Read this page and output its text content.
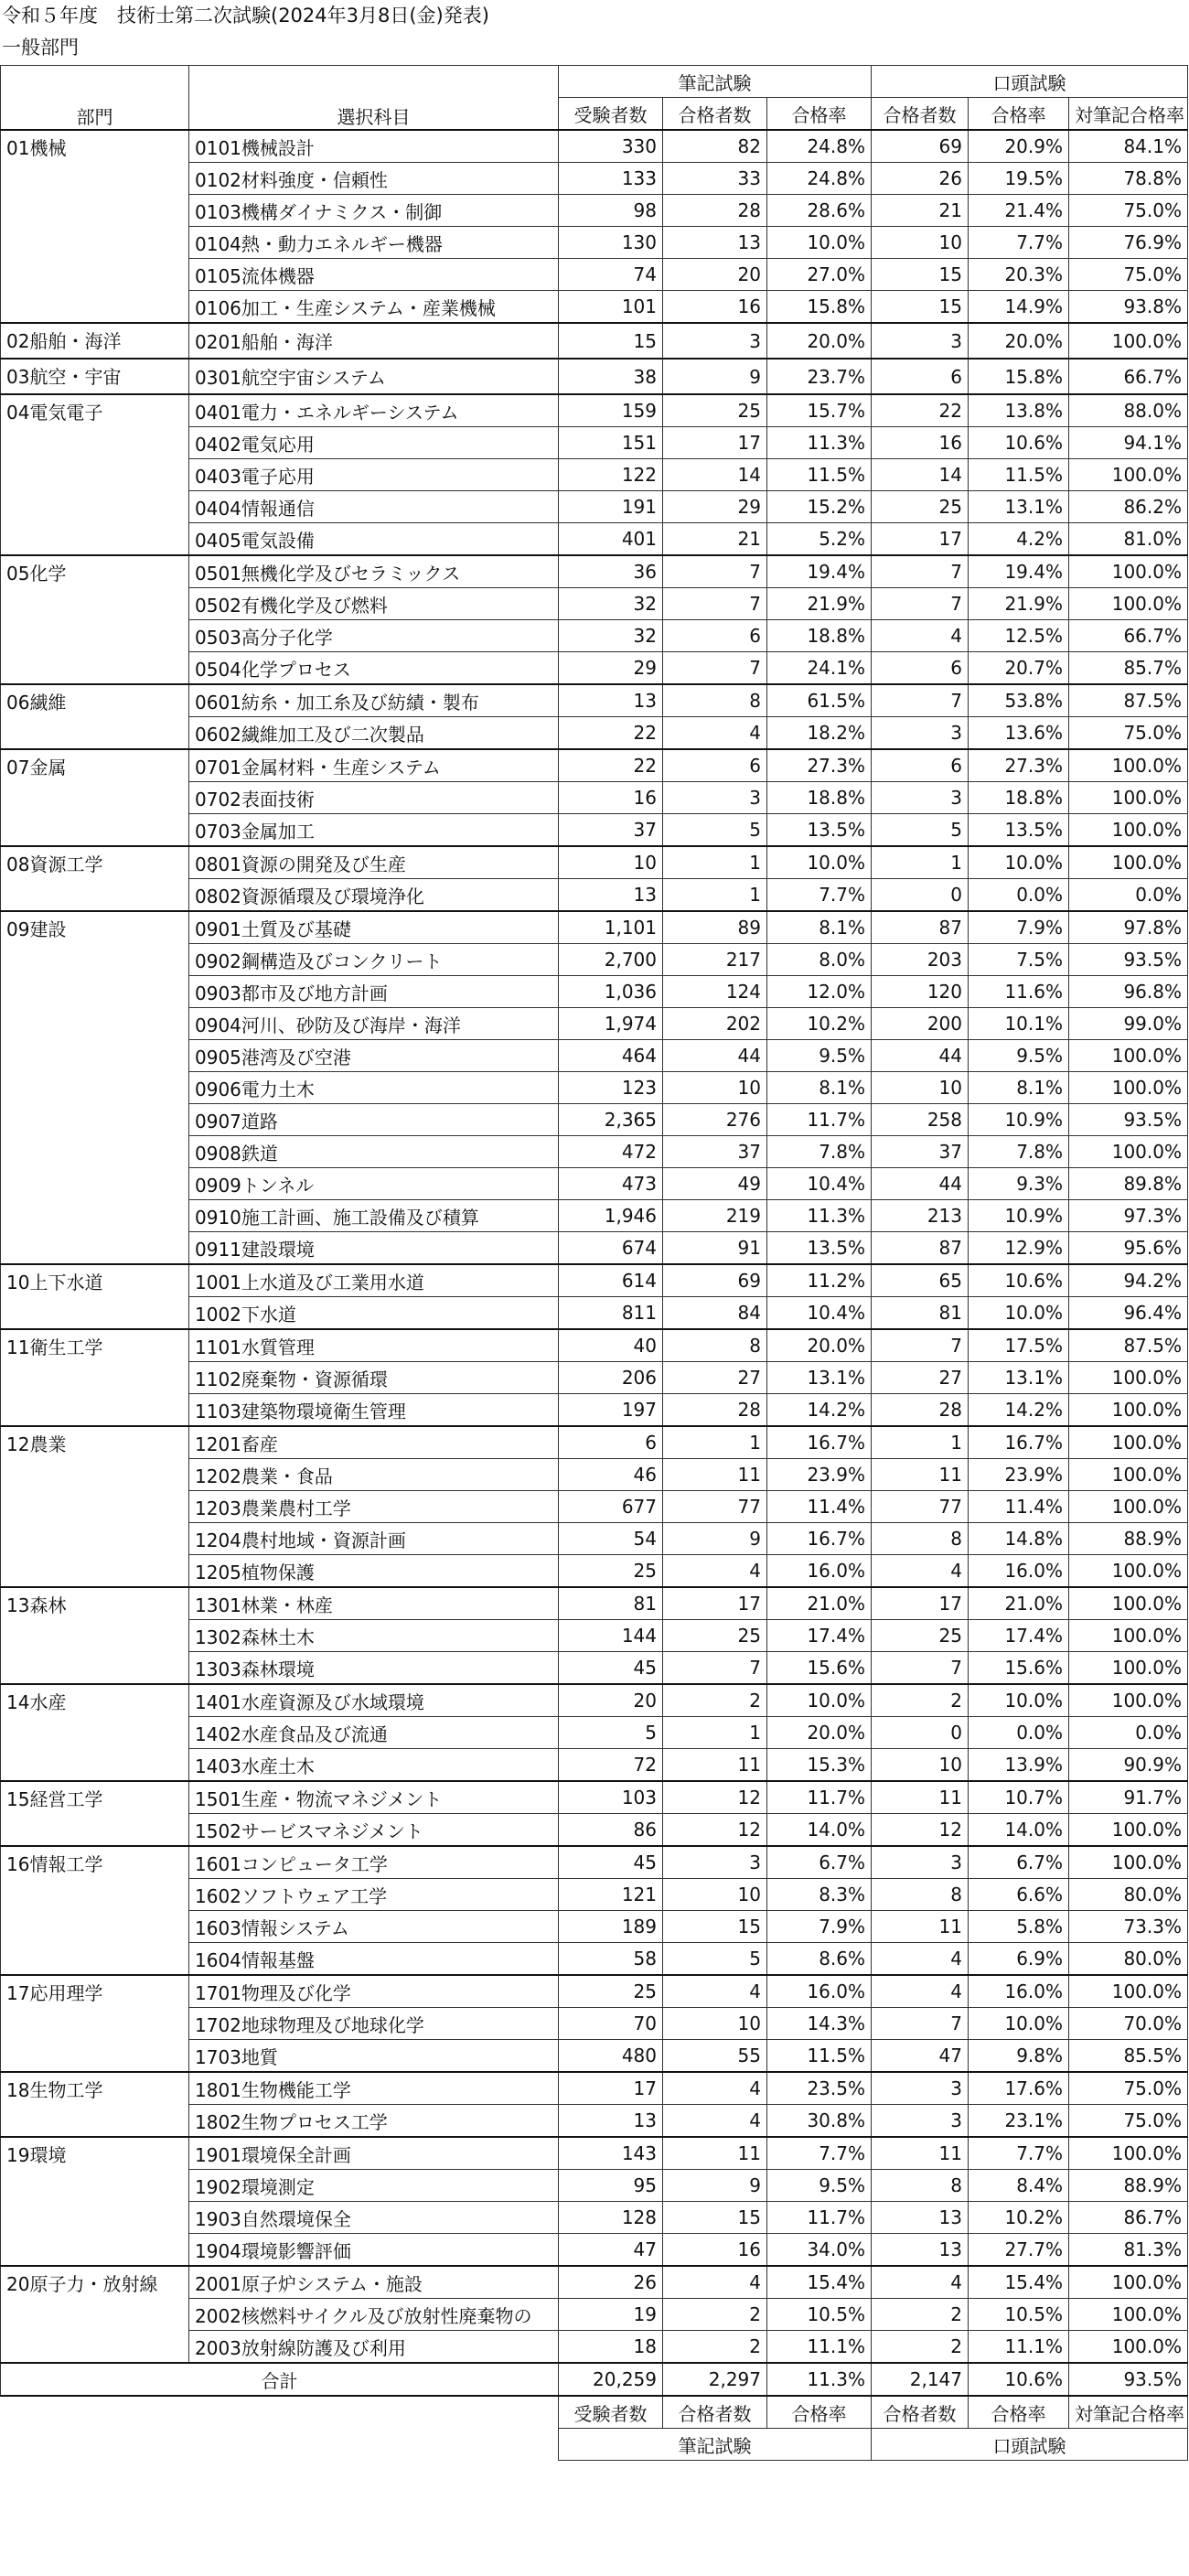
令和５年度　技術士第二次試験(2024年3月8日(金)発表)
一般部門
部門	選択科目	筆記試験			口頭試験		
		受験者数	合格者数	合格率	合格者数	合格率	対筆記合格率
01機械	0101機械設計	330	82	24.8%	69	20.9%	84.1%
	0102材料強度・信頼性	133	33	24.8%	26	19.5%	78.8%
	0103機構ダイナミクス・制御	98	28	28.6%	21	21.4%	75.0%
	0104熱・動力エネルギー機器	130	13	10.0%	10	7.7%	76.9%
	0105流体機器	74	20	27.0%	15	20.3%	75.0%
	0106加工・生産システム・産業機械	101	16	15.8%	15	14.9%	93.8%
02船舶・海洋	0201船舶・海洋	15	3	20.0%	3	20.0%	100.0%
03航空・宇宙	0301航空宇宙システム	38	9	23.7%	6	15.8%	66.7%
04電気電子	0401電力・エネルギーシステム	159	25	15.7%	22	13.8%	88.0%
	0402電気応用	151	17	11.3%	16	10.6%	94.1%
	0403電子応用	122	14	11.5%	14	11.5%	100.0%
	0404情報通信	191	29	15.2%	25	13.1%	86.2%
	0405電気設備	401	21	5.2%	17	4.2%	81.0%
05化学	0501無機化学及びセラミックス	36	7	19.4%	7	19.4%	100.0%
	0502有機化学及び燃料	32	7	21.9%	7	21.9%	100.0%
	0503高分子化学	32	6	18.8%	4	12.5%	66.7%
	0504化学プロセス	29	7	24.1%	6	20.7%	85.7%
06繊維	0601紡糸・加工糸及び紡績・製布	13	8	61.5%	7	53.8%	87.5%
	0602繊維加工及び二次製品	22	4	18.2%	3	13.6%	75.0%
07金属	0701金属材料・生産システム	22	6	27.3%	6	27.3%	100.0%
	0702表面技術	16	3	18.8%	3	18.8%	100.0%
	0703金属加工	37	5	13.5%	5	13.5%	100.0%
08資源工学	0801資源の開発及び生産	10	1	10.0%	1	10.0%	100.0%
	0802資源循環及び環境浄化	13	1	7.7%	0	0.0%	0.0%
09建設	0901土質及び基礎	1,101	89	8.1%	87	7.9%	97.8%
	0902鋼構造及びコンクリート	2,700	217	8.0%	203	7.5%	93.5%
	0903都市及び地方計画	1,036	124	12.0%	120	11.6%	96.8%
	0904河川、砂防及び海岸・海洋	1,974	202	10.2%	200	10.1%	99.0%
	0905港湾及び空港	464	44	9.5%	44	9.5%	100.0%
	0906電力土木	123	10	8.1%	10	8.1%	100.0%
	0907道路	2,365	276	11.7%	258	10.9%	93.5%
	0908鉄道	472	37	7.8%	37	7.8%	100.0%
	0909トンネル	473	49	10.4%	44	9.3%	89.8%
	0910施工計画、施工設備及び積算	1,946	219	11.3%	213	10.9%	97.3%
	0911建設環境	674	91	13.5%	87	12.9%	95.6%
10上下水道	1001上水道及び工業用水道	614	69	11.2%	65	10.6%	94.2%
	1002下水道	811	84	10.4%	81	10.0%	96.4%
11衛生工学	1101水質管理	40	8	20.0%	7	17.5%	87.5%
	1102廃棄物・資源循環	206	27	13.1%	27	13.1%	100.0%
	1103建築物環境衛生管理	197	28	14.2%	28	14.2%	100.0%
12農業	1201畜産	6	1	16.7%	1	16.7%	100.0%
	1202農業・食品	46	11	23.9%	11	23.9%	100.0%
	1203農業農村工学	677	77	11.4%	77	11.4%	100.0%
	1204農村地域・資源計画	54	9	16.7%	8	14.8%	88.9%
	1205植物保護	25	4	16.0%	4	16.0%	100.0%
13森林	1301林業・林産	81	17	21.0%	17	21.0%	100.0%
	1302森林土木	144	25	17.4%	25	17.4%	100.0%
	1303森林環境	45	7	15.6%	7	15.6%	100.0%
14水産	1401水産資源及び水域環境	20	2	10.0%	2	10.0%	100.0%
	1402水産食品及び流通	5	1	20.0%	0	0.0%	0.0%
	1403水産土木	72	11	15.3%	10	13.9%	90.9%
15経営工学	1501生産・物流マネジメント	103	12	11.7%	11	10.7%	91.7%
	1502サービスマネジメント	86	12	14.0%	12	14.0%	100.0%
16情報工学	1601コンピュータ工学	45	3	6.7%	3	6.7%	100.0%
	1602ソフトウェア工学	121	10	8.3%	8	6.6%	80.0%
	1603情報システム	189	15	7.9%	11	5.8%	73.3%
	1604情報基盤	58	5	8.6%	4	6.9%	80.0%
17応用理学	1701物理及び化学	25	4	16.0%	4	16.0%	100.0%
	1702地球物理及び地球化学	70	10	14.3%	7	10.0%	70.0%
	1703地質	480	55	11.5%	47	9.8%	85.5%
18生物工学	1801生物機能工学	17	4	23.5%	3	17.6%	75.0%
	1802生物プロセス工学	13	4	30.8%	3	23.1%	75.0%
19環境	1901環境保全計画	143	11	7.7%	11	7.7%	100.0%
	1902環境測定	95	9	9.5%	8	8.4%	88.9%
	1903自然環境保全	128	15	11.7%	13	10.2%	86.7%
	1904環境影響評価	47	16	34.0%	13	27.7%	81.3%
20原子力・放射線	2001原子炉システム・施設	26	4	15.4%	4	15.4%	100.0%
	2002核燃料サイクル及び放射性廃棄物の	19	2	10.5%	2	10.5%	100.0%
	2003放射線防護及び利用	18	2	11.1%	2	11.1%	100.0%
合計		20,259	2,297	11.3%	2,147	10.6%	93.5%
		受験者数	合格者数	合格率	合格者数	合格率	対筆記合格率
		筆記試験			口頭試験		
